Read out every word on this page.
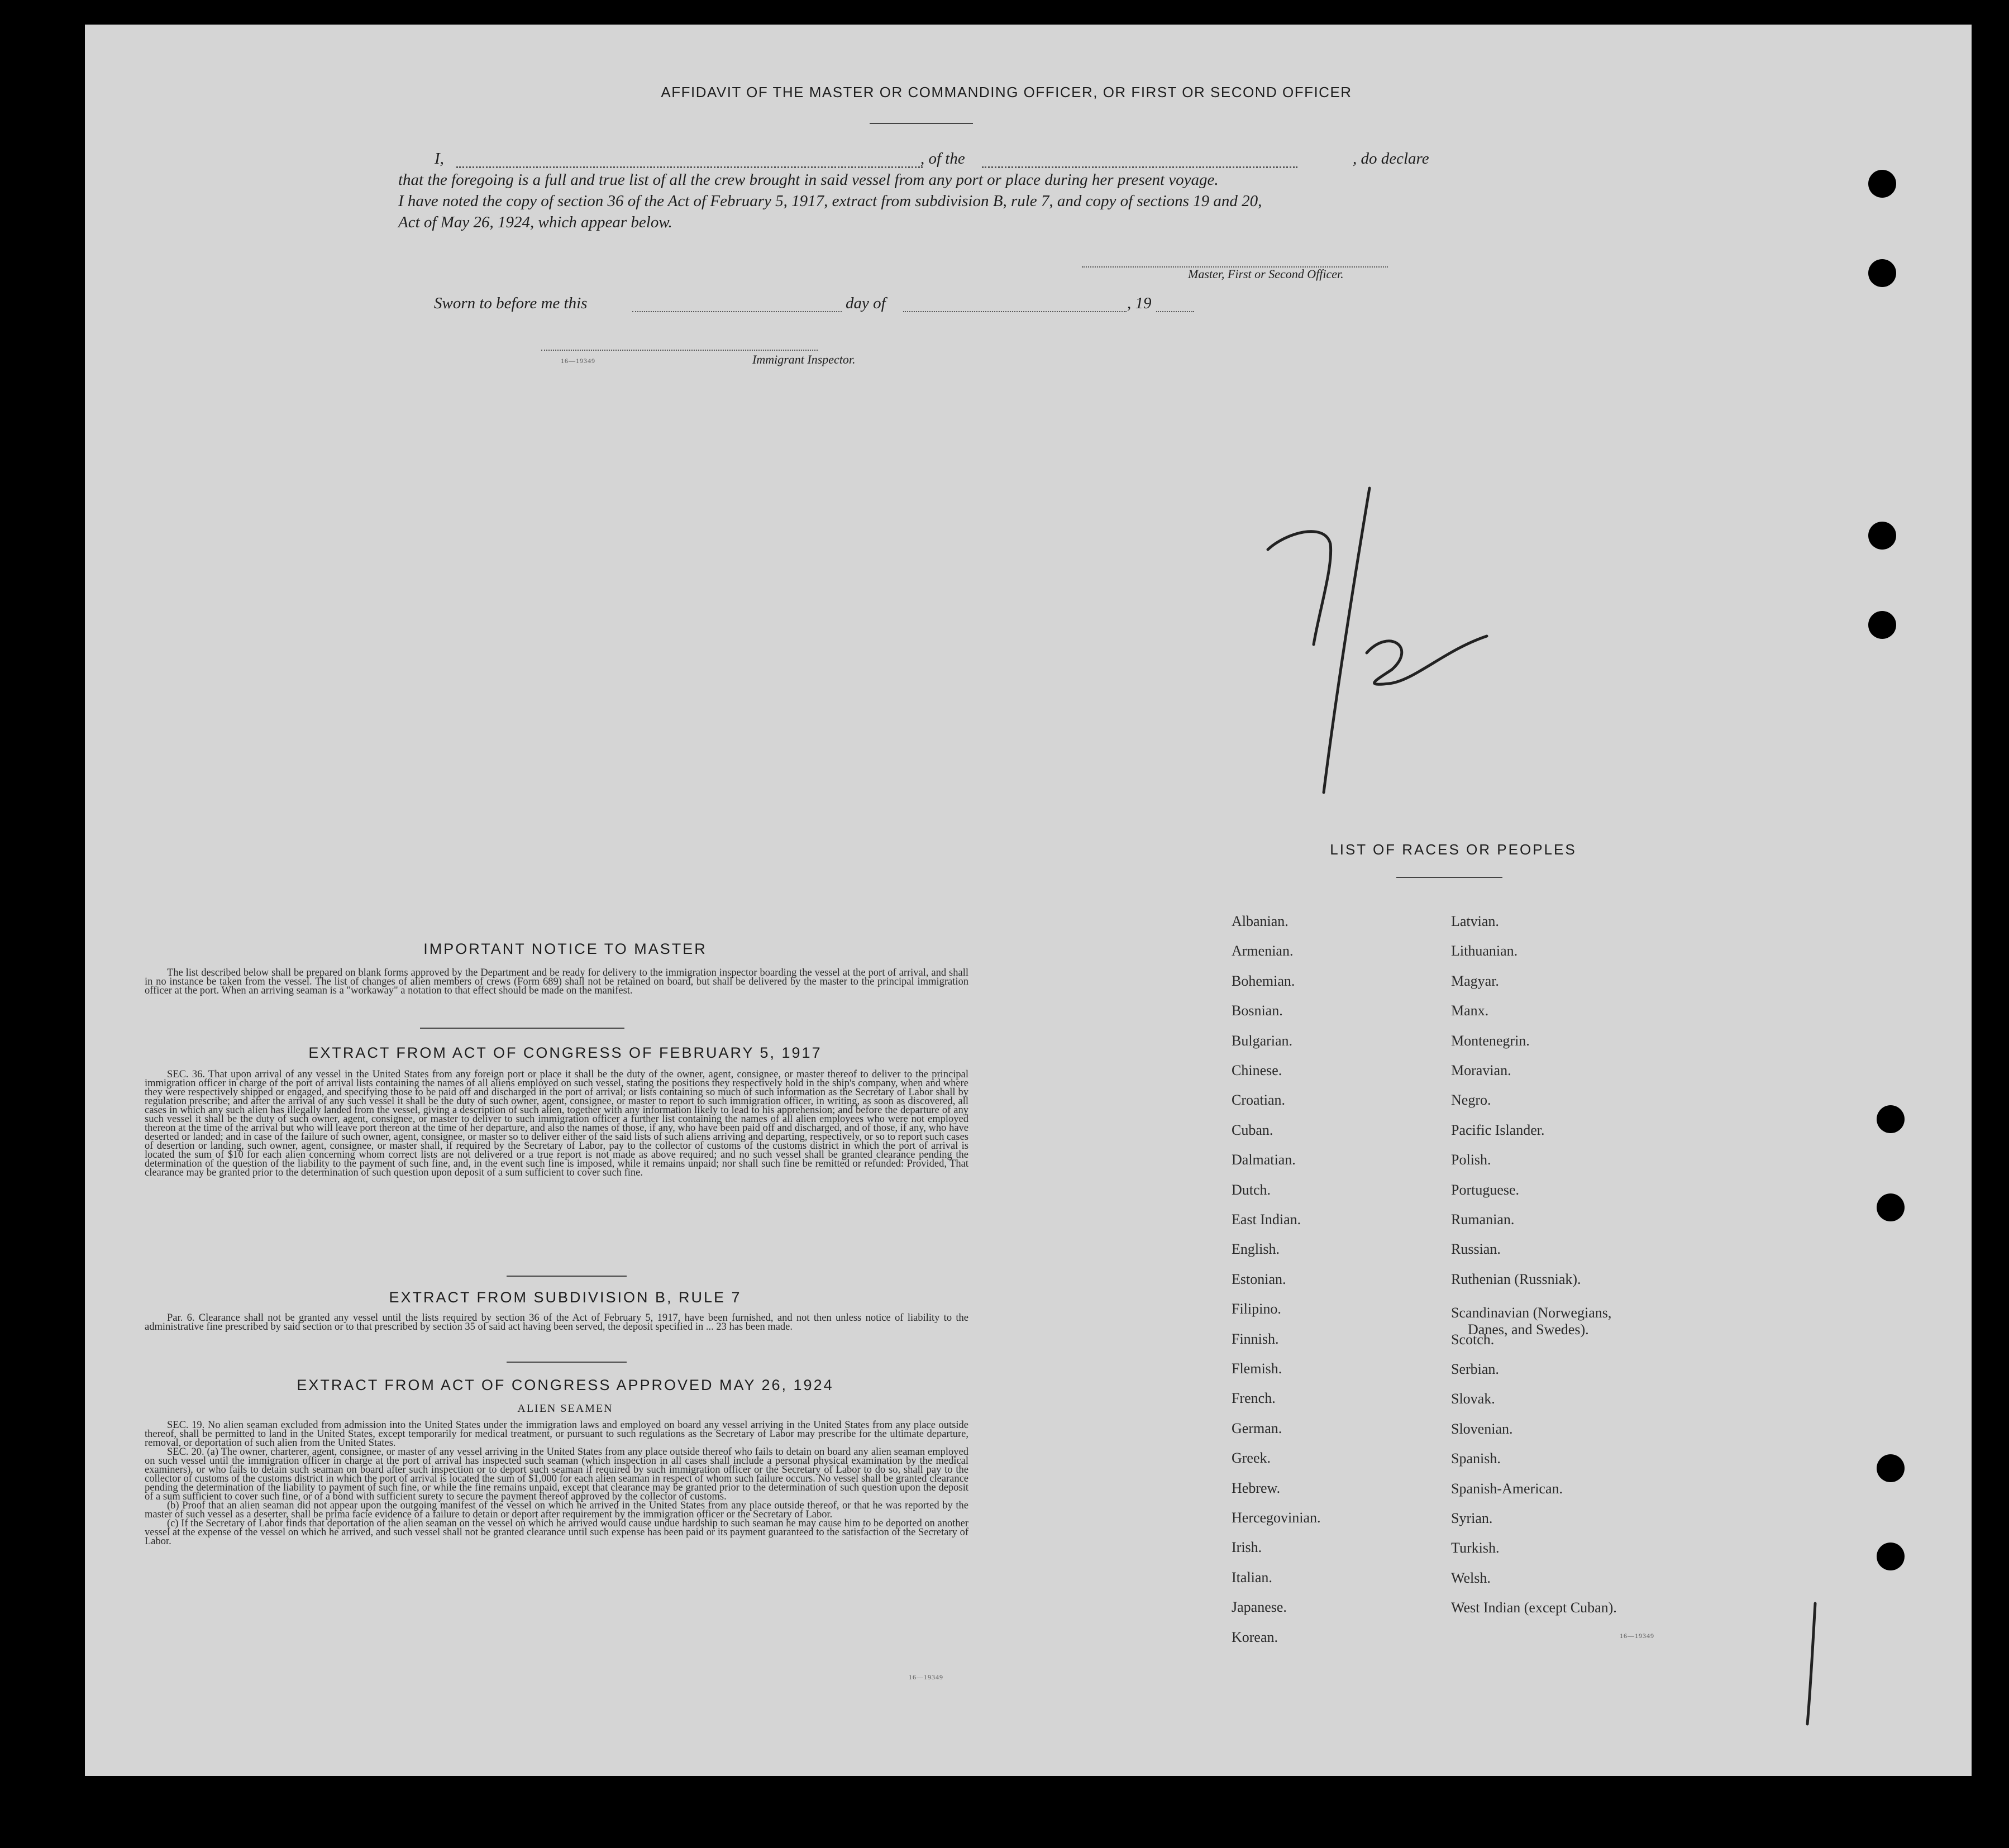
AFFIDAVIT OF THE MASTER OR COMMANDING OFFICER, OR FIRST OR SECOND OFFICER
I,	, of the	, do declare
that the foregoing is a full and true list of all the crew brought in said vessel from any port or place during her present voyage.
I have noted the copy of section 36 of the Act of February 5, 1917, extract from subdivision B, rule 7, and copy of sections 19 and 20,
Act of May 26, 1924, which appear below.
Master, First or Second Officer.
Sworn to before me this	day of	, 19
16—19349	Immigrant Inspector.
IMPORTANT NOTICE TO MASTER

The list described below shall be prepared on blank forms approved by the Department and be ready for delivery to the immigration inspector boarding the vessel at the port of arrival, and shall in no instance be taken from the vessel. The list of changes of alien members of crews (Form 689) shall not be retained on board, but shall be delivered by the master to the principal immigration officer at the port. When an arriving seaman is a "workaway" a notation to that effect should be made on the manifest.

EXTRACT FROM ACT OF CONGRESS OF FEBRUARY 5, 1917

SEC. 36. That upon arrival of any vessel in the United States from any foreign port or place it shall be the duty of the owner, agent, consignee, or master thereof to deliver to the principal immigration officer in charge of the port of arrival lists containing the names of all aliens employed on such vessel, stating the positions they respectively hold in the ship's company, when and where they were respectively shipped or engaged, and specifying those to be paid off and discharged in the port of arrival; or lists containing so much of such information as the Secretary of Labor shall by regulation prescribe; and after the arrival of any such vessel it shall be the duty of such owner, agent, consignee, or master to report to such immigration officer, in writing, as soon as discovered, all cases in which any such alien has illegally landed from the vessel, giving a description of such alien, together with any information likely to lead to his apprehension; and before the departure of any such vessel it shall be the duty of such owner, agent, consignee, or master to deliver to such immigration officer a further list containing the names of all alien employees who were not employed thereon at the time of the arrival but who will leave port thereon at the time of her departure, and also the names of those, if any, who have been paid off and discharged, and of those, if any, who have deserted or landed; and in case of the failure of such owner, agent, consignee, or master so to deliver either of the said lists of such aliens arriving and departing, respectively, or so to report such cases of desertion or landing, such owner, agent, consignee, or master shall, if required by the Secretary of Labor, pay to the collector of customs of the customs district in which the port of arrival is located the sum of $10 for each alien concerning whom correct lists are not delivered or a true report is not made as above required; and no such vessel shall be granted clearance pending the determination of the question of the liability to the payment of such fine, and, in the event such fine is imposed, while it remains unpaid; nor shall such fine be remitted or refunded: Provided, That clearance may be granted prior to the determination of such question upon deposit of a sum sufficient to cover such fine.

EXTRACT FROM SUBDIVISION B, RULE 7

Par. 6. Clearance shall not be granted any vessel until the lists required by section 36 of the Act of February 5, 1917, have been furnished, and not then unless notice of liability to the administrative fine prescribed by said section or to that prescribed by section 35 of said act having been served, the deposit specified in ... 23 has been made.

EXTRACT FROM ACT OF CONGRESS APPROVED MAY 26, 1924
ALIEN SEAMEN

SEC. 19. No alien seaman excluded from admission into the United States under the immigration laws and employed on board any vessel arriving in the United States from any place outside thereof, shall be permitted to land in the United States, except temporarily for medical treatment, or pursuant to such regulations as the Secretary of Labor may prescribe for the ultimate departure, removal, or deportation of such alien from the United States.

SEC. 20. (a) The owner, charterer, agent, consignee, or master of any vessel arriving in the United States from any place outside thereof who fails to detain on board any alien seaman employed on such vessel until the immigration officer in charge at the port of arrival has inspected such seaman (which inspection in all cases shall include a personal physical examination by the medical examiners), or who fails to detain such seaman on board after such inspection or to deport such seaman if required by such immigration officer or the Secretary of Labor to do so, shall pay to the collector of customs of the customs district in which the port of arrival is located the sum of $1,000 for each alien seaman in respect of whom such failure occurs. No vessel shall be granted clearance pending the determination of the liability to payment of such fine, or while the fine remains unpaid, except that clearance may be granted prior to the determination of such question upon the deposit of a sum sufficient to cover such fine, or of a bond with sufficient surety to secure the payment thereof approved by the collector of customs.

(b) Proof that an alien seaman did not appear upon the outgoing manifest of the vessel on which he arrived in the United States from any place outside thereof, or that he was reported by the master of such vessel as a deserter, shall be prima facie evidence of a failure to detain or deport after requirement by the immigration officer or the Secretary of Labor.

(c) If the Secretary of Labor finds that deportation of the alien seaman on the vessel on which he arrived would cause undue hardship to such seaman he may cause him to be deported on another vessel at the expense of the vessel on which he arrived, and such vessel shall not be granted clearance until such expense has been paid or its payment guaranteed to the satisfaction of the Secretary of Labor.

16—19349
LIST OF RACES OR PEOPLES
Albanian.
Armenian.
Bohemian.
Bosnian.
Bulgarian.
Chinese.
Croatian.
Cuban.
Dalmatian.
Dutch.
East Indian.
English.
Estonian.
Filipino.
Finnish.
Flemish.
French.
German.
Greek.
Hebrew.
Hercegovinian.
Irish.
Italian.
Japanese.
Korean.
Latvian.
Lithuanian.
Magyar.
Manx.
Montenegrin.
Moravian.
Negro.
Pacific Islander.
Polish.
Portuguese.
Rumanian.
Russian.
Ruthenian (Russniak).
Scandinavian (Norwegians,
Danes, and Swedes).
Scotch.
Serbian.
Slovak.
Slovenian.
Spanish.
Spanish-American.
Syrian.
Turkish.
Welsh.
West Indian (except Cuban).
16—19349
